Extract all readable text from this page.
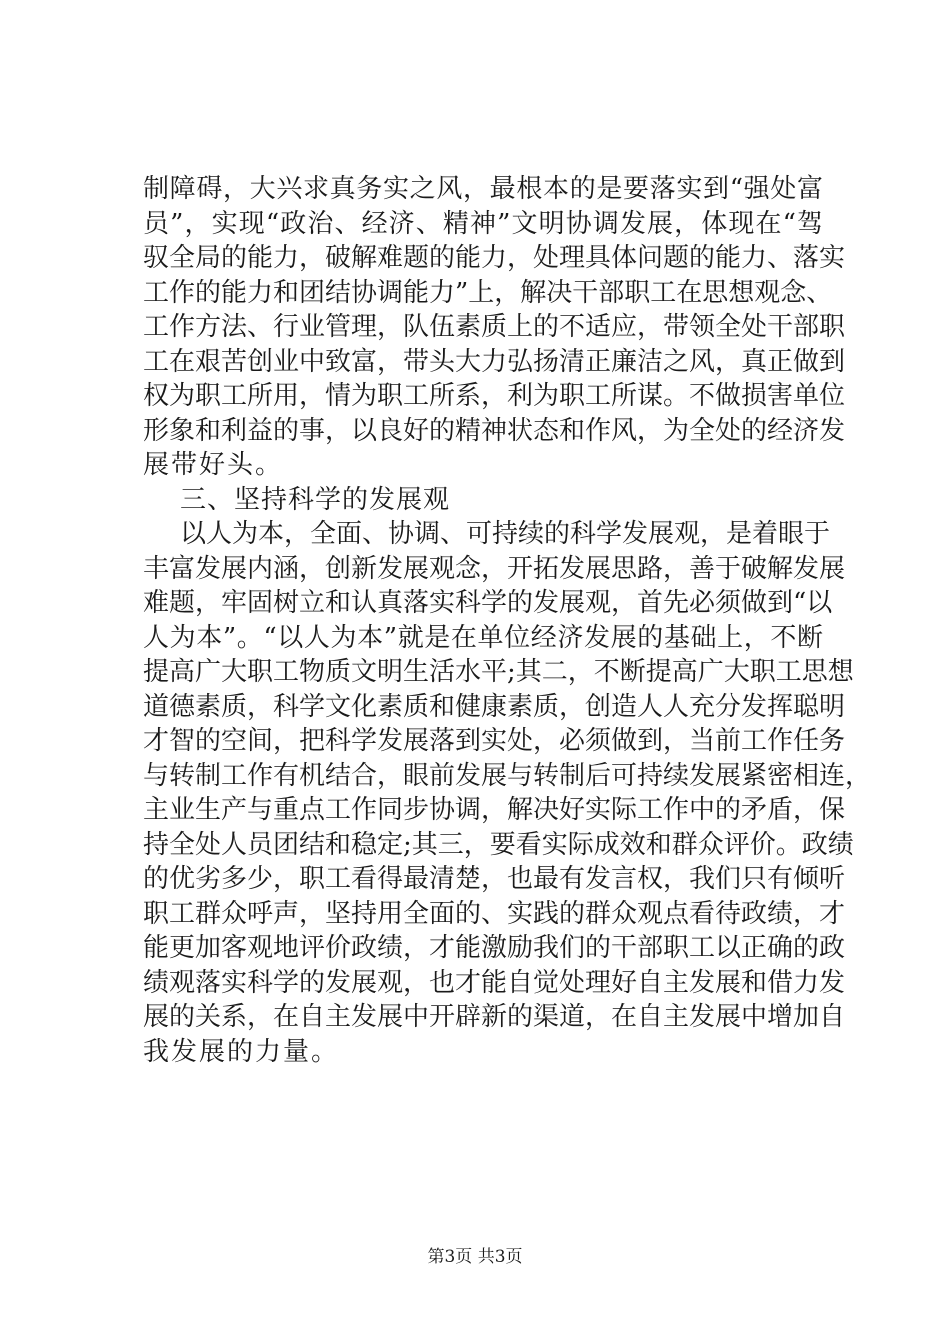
制障碍，大兴求真务实之风，最根本的是要落实到“强处富
员”，实现“政治、经济、精神”文明协调发展，体现在“驾
驭全局的能力，破解难题的能力，处理具体问题的能力、落实
工作的能力和团结协调能力”上，解决干部职工在思想观念、
工作方法、行业管理，队伍素质上的不适应，带领全处干部职
工在艰苦创业中致富，带头大力弘扬清正廉洁之风，真正做到
权为职工所用，情为职工所系，利为职工所谋。不做损害单位
形象和利益的事，以良好的精神状态和作风，为全处的经济发
展带好头。
三、坚持科学的发展观
以人为本，全面、协调、可持续的科学发展观，是着眼于
丰富发展内涵，创新发展观念，开拓发展思路，善于破解发展
难题，牢固树立和认真落实科学的发展观，首先必须做到“以
人为本”。“以人为本”就是在单位经济发展的基础上，不断
提高广大职工物质文明生活水平;其二，不断提高广大职工思想
道德素质，科学文化素质和健康素质，创造人人充分发挥聪明
才智的空间，把科学发展落到实处，必须做到，当前工作任务
与转制工作有机结合，眼前发展与转制后可持续发展紧密相连，
主业生产与重点工作同步协调，解决好实际工作中的矛盾，保
持全处人员团结和稳定;其三，要看实际成效和群众评价。政绩
的优劣多少，职工看得最清楚，也最有发言权，我们只有倾听
职工群众呼声，坚持用全面的、实践的群众观点看待政绩，才
能更加客观地评价政绩，才能激励我们的干部职工以正确的政
绩观落实科学的发展观，也才能自觉处理好自主发展和借力发
展的关系，在自主发展中开辟新的渠道，在自主发展中增加自
我发展的力量。
第3页 共3页
